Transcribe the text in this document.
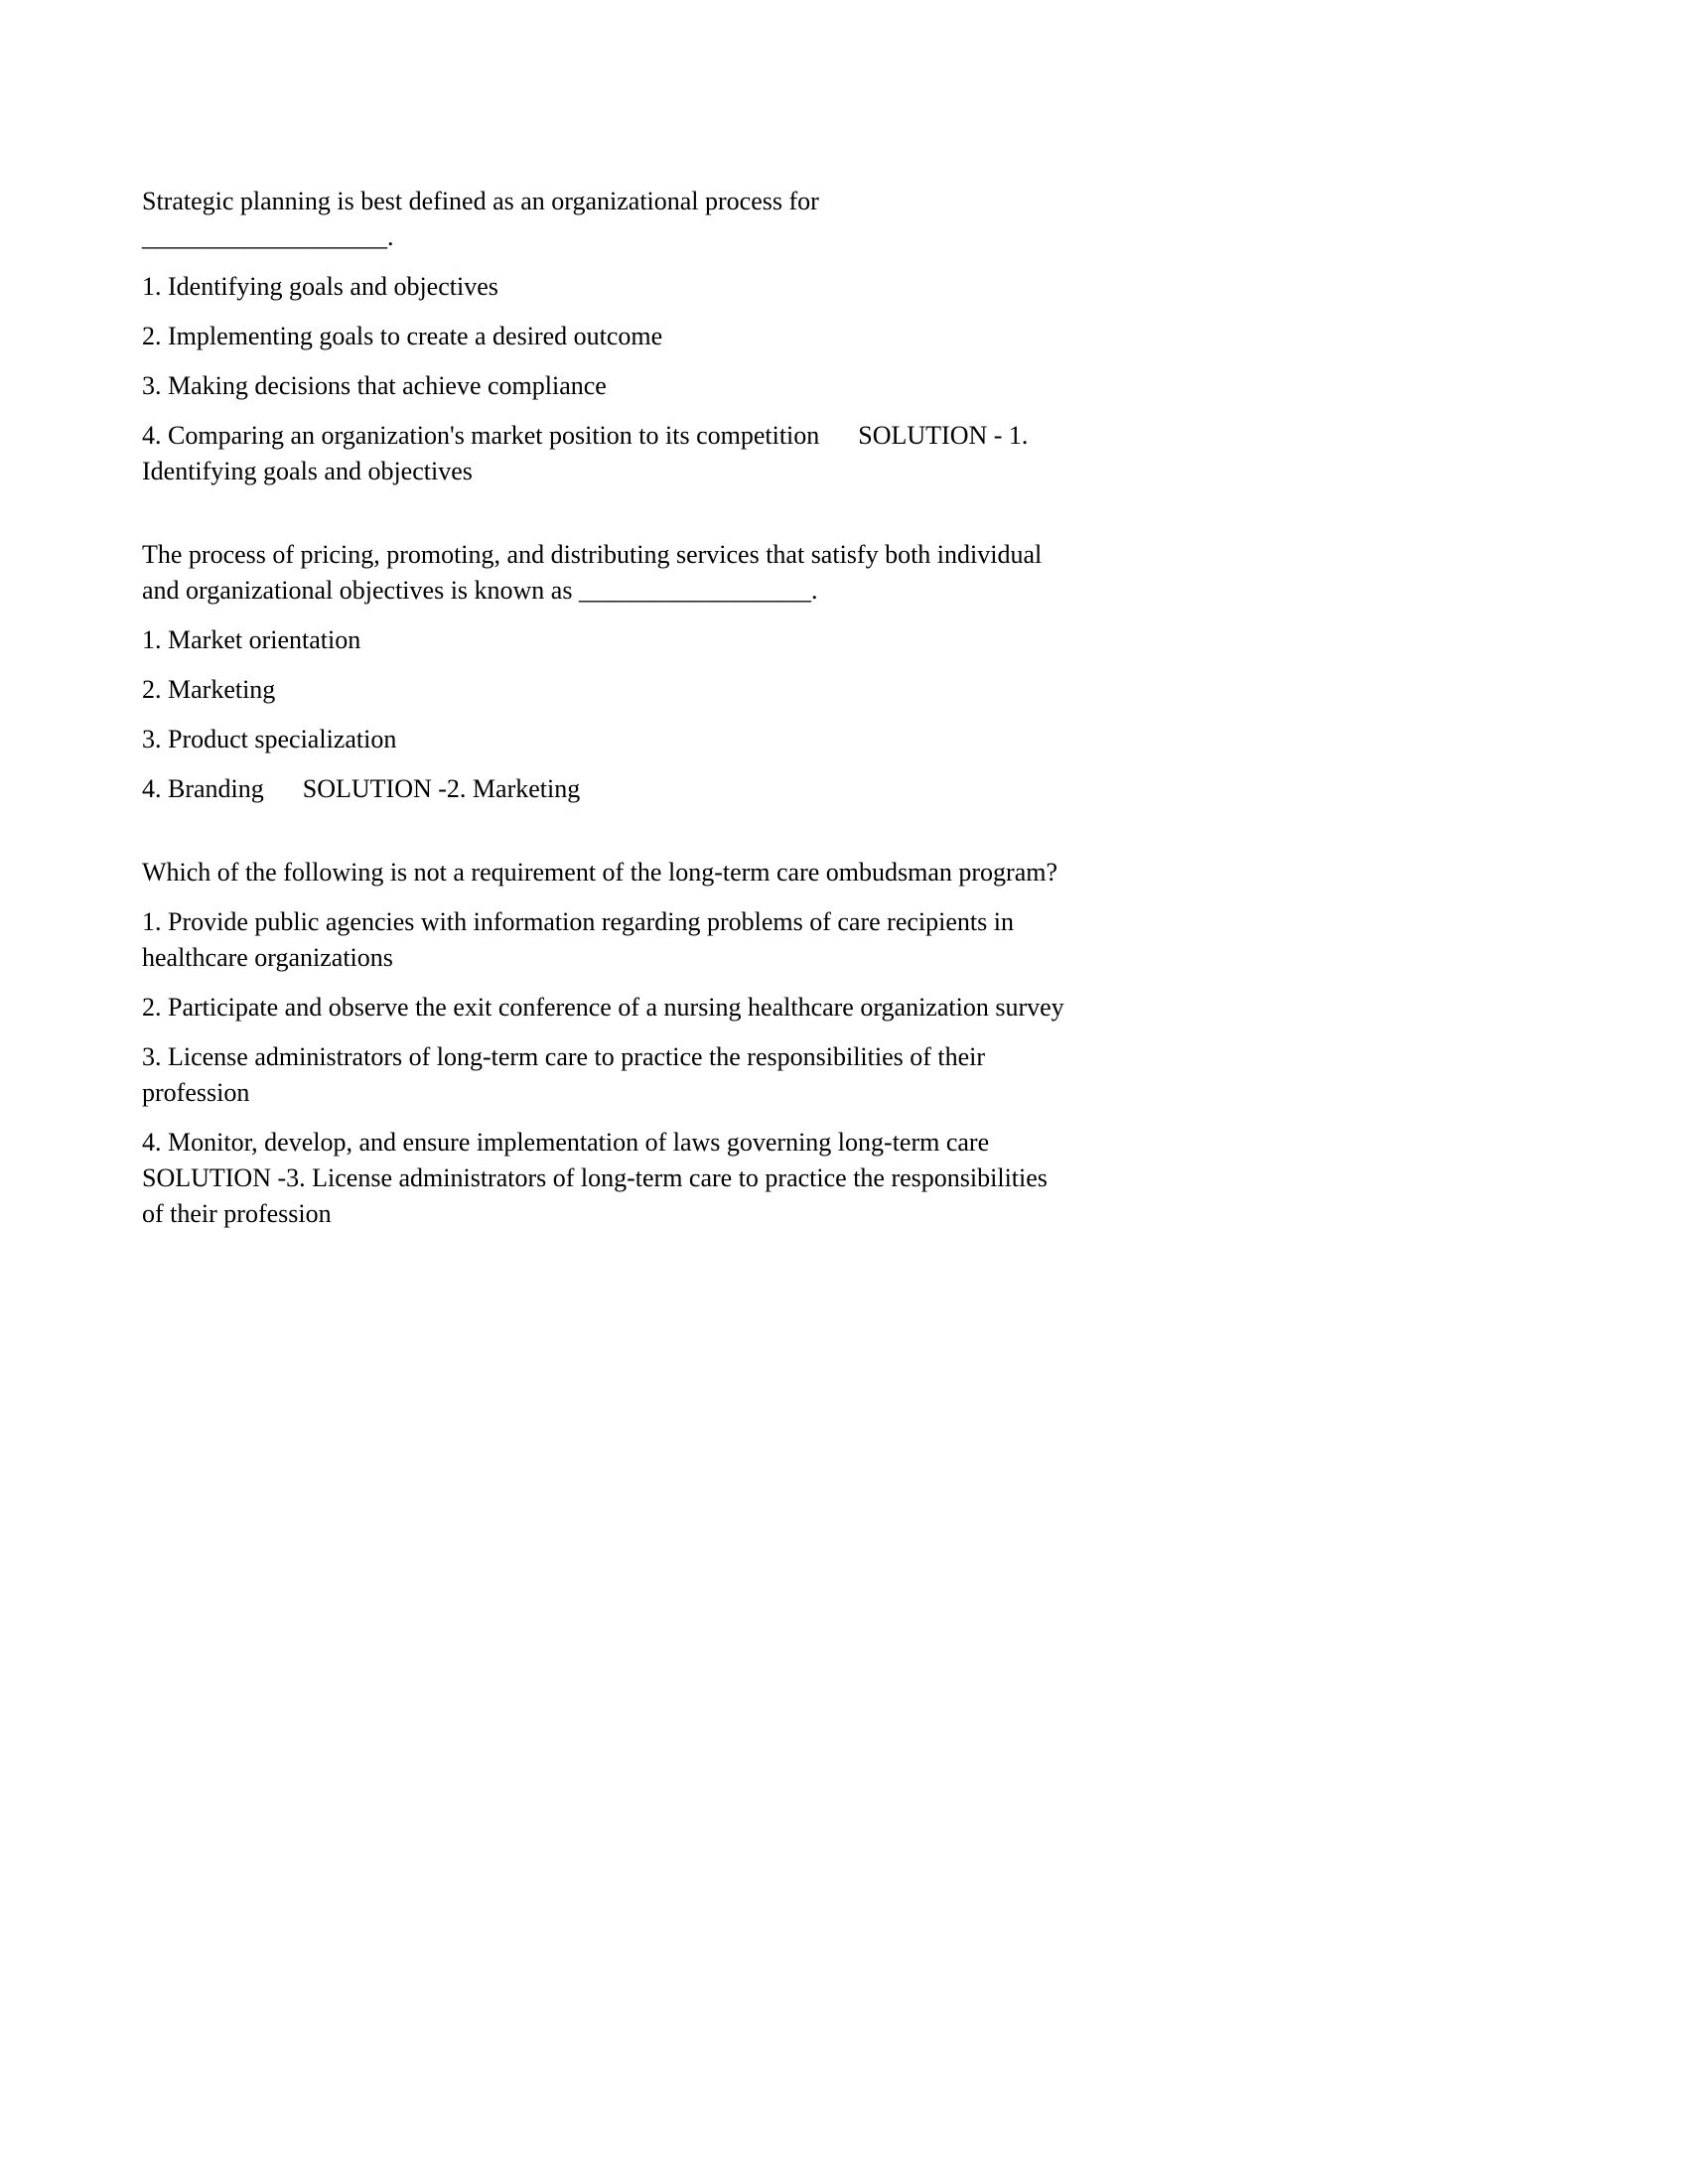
Strategic planning is best defined as an organizational process for ___________________.

1. Identifying goals and objectives

2. Implementing goals to create a desired outcome

3. Making decisions that achieve compliance

4. Comparing an organization's market position to its competition SOLUTION - 1. Identifying goals and objectives

The process of pricing, promoting, and distributing services that satisfy both individual and organizational objectives is known as __________________.

1. Market orientation

2. Marketing

3. Product specialization

4. Branding SOLUTION -2. Marketing

Which of the following is not a requirement of the long-term care ombudsman program?

1. Provide public agencies with information regarding problems of care recipients in healthcare organizations

2. Participate and observe the exit conference of a nursing healthcare organization survey

3. License administrators of long-term care to practice the responsibilities of their profession

4. Monitor, develop, and ensure implementation of laws governing long-term care SOLUTION -3. License administrators of long-term care to practice the responsibilities of their profession
